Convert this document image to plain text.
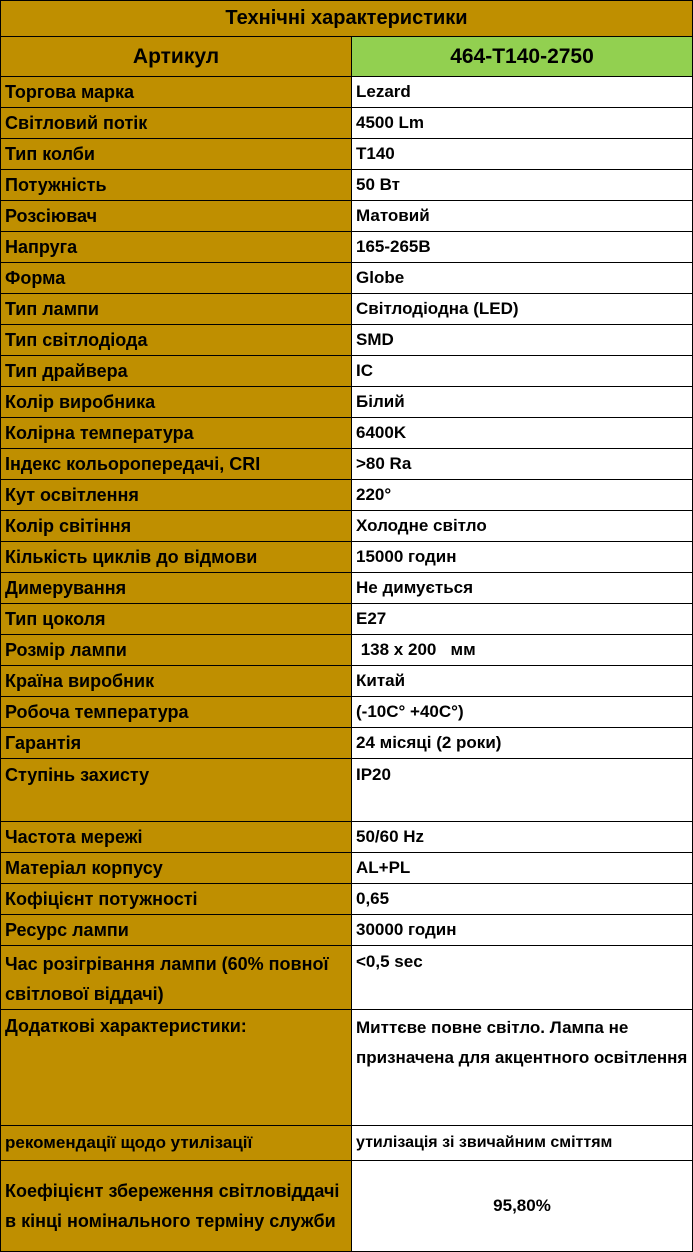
Технічні характеристики	
Артикул	464-T140-2750
Торгова марка	Lezard
Світловий потік	4500 Lm
Тип колби	T140
Потужність	50 Вт
Розсіювач	Матовий
Напруга	165-265В
Форма	Globe
Тип лампи	Світлодіодна (LED)
Тип світлодіода	SMD
Тип драйвера	IC
Колір виробника	Білий
Колірна температура	6400K
Індекс кольоропередачі, CRI	>80 Ra
Кут освітлення	220°
Колір світіння	Холодне світло
Кількість циклів до відмови	15000 годин
Димерування	Не димується
Тип цоколя	E27
Розмір лампи	138 х 200   мм
Країна виробник	Китай
Робоча температура	(-10С° +40С°)
Гарантія	24 місяці (2 роки)
Ступінь захисту	IP20
Частота мережі	50/60 Hz
Матеріал корпусу	AL+PL
Кофіцієнт потужності	0,65
Ресурс лампи	30000 годин
Час розігрівання лампи (60% повної світлової віддачі)	<0,5 sec
Додаткові характеристики:	Миттєве повне світло. Лампа не призначена для акцентного освітлення
рекомендації щодо утилізації	утилізація зі звичайним сміттям
Коефіцієнт збереження світловіддачі в кінці номінального терміну служби	95,80%
